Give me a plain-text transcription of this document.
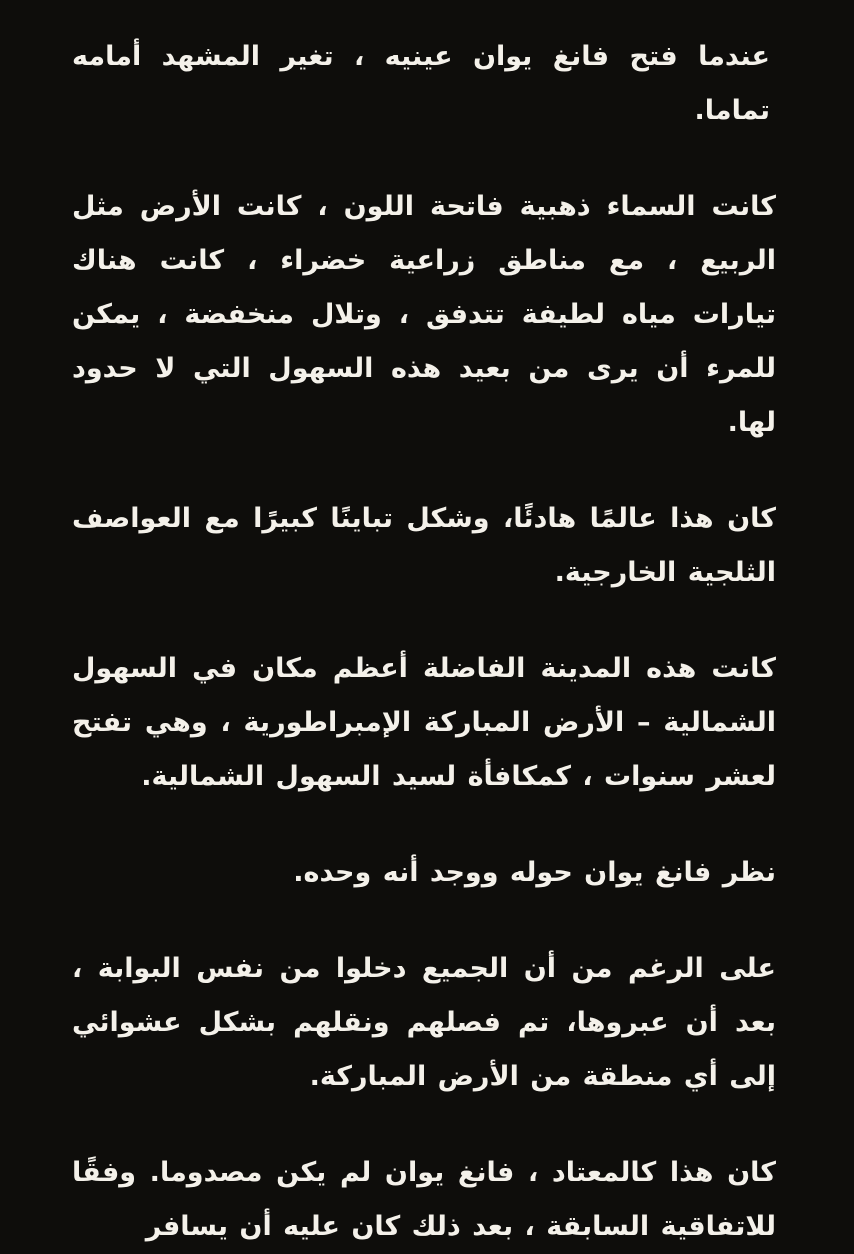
عندما فتح فانغ يوان عينيه ، تغير المشهد أمامه تماما.

كانت السماء ذهبية فاتحة اللون ، كانت الأرض مثل الربيع ، مع مناطق زراعية خضراء ، كانت هناك تيارات مياه لطيفة تتدفق ، وتلال منخفضة ، يمكن للمرء أن يرى من بعيد هذه السهول التي لا حدود لها.

كان هذا عالمًا هادئًا، وشكل تباينًا كبيرًا مع العواصف الثلجية الخارجية.

كانت هذه المدينة الفاضلة أعظم مكان في السهول الشمالية – الأرض المباركة الإمبراطورية ، وهي تفتح لعشر سنوات ، كمكافأة لسيد السهول الشمالية.

نظر فانغ يوان حوله ووجد أنه وحده.

على الرغم من أن الجميع دخلوا من نفس البوابة ، بعد أن عبروها، تم فصلهم ونقلهم بشكل عشوائي إلى أي منطقة من الأرض المباركة.

كان هذا كالمعتاد ، فانغ يوان لم يكن مصدوما. وفقًا للاتفاقية السابقة ، بعد ذلك كان عليه أن يسافر
